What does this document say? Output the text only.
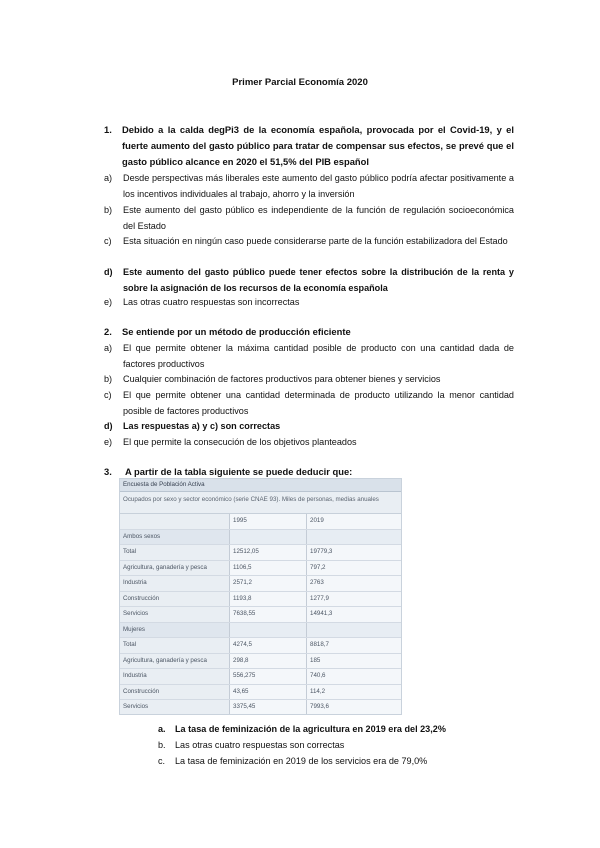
Primer Parcial Economía 2020
1. Debido a la calda degPi3 de la economía española, provocada por el Covid-19, y el fuerte aumento del gasto público para tratar de compensar sus efectos, se prevé que el gasto público alcance en 2020 el 51,5% del PIB español
a) Desde perspectivas más liberales este aumento del gasto público podría afectar positivamente a los incentivos individuales al trabajo, ahorro y la inversión
b) Este aumento del gasto público es independiente de la función de regulación socioeconómica del Estado
c) Esta situación en ningún caso puede considerarse parte de la función estabilizadora del Estado
d) Este aumento del gasto público puede tener efectos sobre la distribución de la renta y sobre la asignación de los recursos de la economía española
e) Las otras cuatro respuestas son incorrectas
2. Se entiende por un método de producción eficiente
a) El que permite obtener la máxima cantidad posible de producto con una cantidad dada de factores productivos
b) Cualquier combinación de factores productivos para obtener bienes y servicios
c) El que permite obtener una cantidad determinada de producto utilizando la menor cantidad posible de factores productivos
d) Las respuestas a) y c) son correctas
e) El que permite la consecución de los objetivos planteados
3. A partir de la tabla siguiente se puede deducir que:
Encuesta de Población Activa
Ocupados por sexo y sector económico (serie CNAE 93). Miles de personas, medias anuales
1995	2019
Ambos sexos
Total	12512,05	19779,3
Agricultura, ganadería y pesca	1106,5	797,2
Industria	2571,2	2763
Construcción	1193,8	1277,9
Servicios	7638,55	14941,3
Mujeres
Total	4274,5	8818,7
Agricultura, ganadería y pesca	298,8	185
Industria	556,275	740,6
Construcción	43,65	114,2
Servicios	3375,45	7993,6
a. La tasa de feminización de la agricultura en 2019 era del 23,2%
b. Las otras cuatro respuestas son correctas
c. La tasa de feminización en 2019 de los servicios era de 79,0%
